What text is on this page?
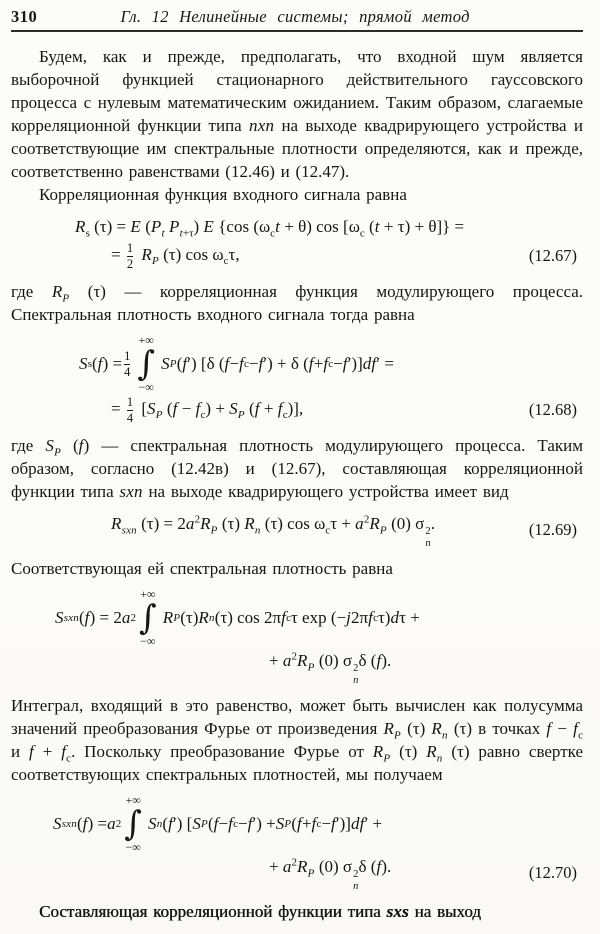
310	Гл. 12 Нелинейные системы; прямой метод

Будем, как и прежде, предполагать, что входной шум является выборочной функцией стационарного действительного гауссовского процесса с нулевым математическим ожиданием. Таким образом, слагаемые корреляционной функции типа nxn на выходе квадрирующего устройства и соответствующие им спектральные плотности определяются, как и прежде, соответственно равенствами (12.46) и (12.47).

Корреляционная функция входного сигнала равна

$R_s$ (τ) = E ($P_t$ $P_{t+\tau}$) E {cos $(\omega_ct + \theta)$ $\cos [\omega_c$ (t + τ) + θ]} =
= $\frac{1}{2} R_P$ (τ) $\cos \omega_c\tau$,	(12.67)

где $R_P$ (τ) — корреляционная функция модулирующего процесса. Спектральная плотность входного сигнала тогда равна

S s ( f ) = $\frac{1}{4}$
+∞
∫
−∞
S P ( f ′) [δ ( f − f c − f ′) + δ ( f + f c − f ′)] df ′ =
= $\frac{1}{4} [S_P$ $(f - f_c) + S_P$ $(f + f_c)$],	(12.68)

где $S_P$ (f) — спектральная плотность модулирующего процесса. Таким образом, согласно (12.42в) и (12.67), составляющая корреляционной функции типа sxn на выходе квадрирующего устройства имеет вид

$R_{sxn}$ $(\tau) = 2a^2R_P$ (τ) $R_n$ (τ) $\cos \omega_c\tau + a^2R_P$ (0) σ 2
n
.	(12.69)

Соответствующая ей спектральная плотность равна

S sxn ( f ) = 2 a 2
+∞
∫
−∞
R P (τ) R n (τ) cos 2π f c τ exp (− j 2π f c τ) d τ +
+ $a^2R_P$ (0) σ 2
n
δ (f).

Интеграл, входящий в это равенство, может быть вычислен как полусумма значений преобразования Фурье от произведения $R_P$ (τ) $R_n$ (τ) в точках $f - f_c$ и $f + f_c$. Поскольку преобразование Фурье от $R_P$ (τ) $R_n$ (τ) равно свертке соответствующих спектральных плотностей, мы получаем

S sxn ( f ) = a 2
+∞
∫
−∞
S n ( f ′) [ S P ( f − f c − f ′) + S P ( f + f c − f ′)] df ′ +
+ $a^2R_P$ (0) σ 2
n
δ (f).	(12.70)

Составляющая корреляционной функции типа sxs на выход
